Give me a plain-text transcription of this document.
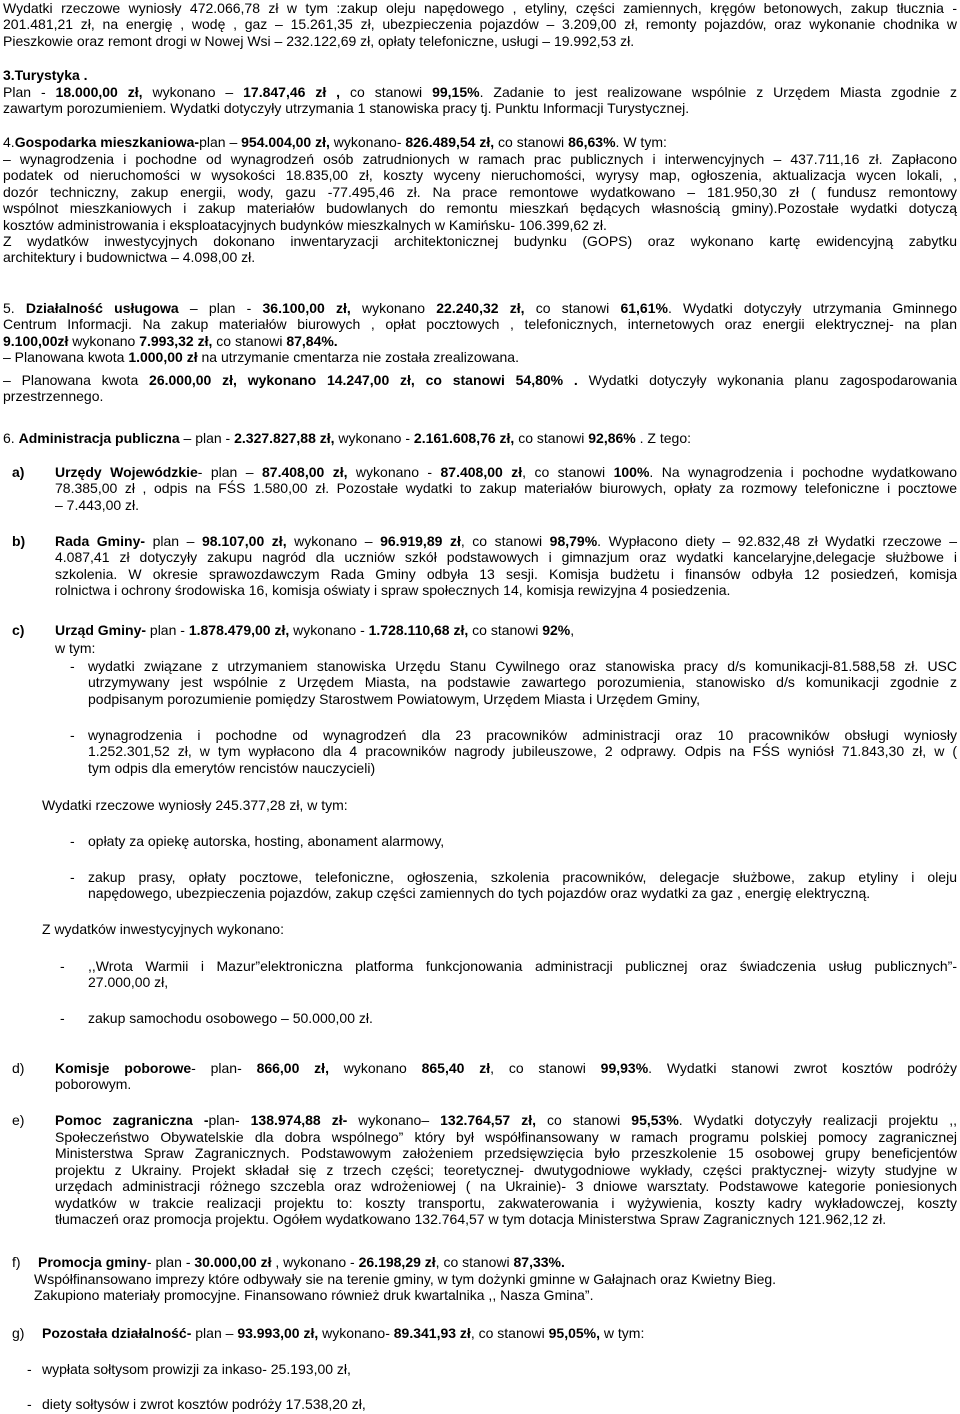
Wydatki rzeczowe wyniosły 472.066,78 zł w tym :zakup oleju napędowego , etyliny, części zamiennych, kręgów betonowych, zakup tłucznia -
201.481,21 zł, na energię , wodę , gaz – 15.261,35 zł, ubezpieczenia pojazdów – 3.209,00 zł, remonty pojazdów, oraz wykonanie chodnika w
Pieszkowie oraz remont drogi w Nowej Wsi – 232.122,69 zł, opłaty telefoniczne, usługi – 19.992,53 zł.
3.Turystyka .
Plan - 18.000,00 zł, wykonano – 17.847,46 zł , co stanowi 99,15%. Zadanie to jest realizowane wspólnie z Urzędem Miasta zgodnie z
zawartym porozumieniem. Wydatki dotyczyły utrzymania 1 stanowiska pracy tj. Punktu Informacji Turystycznej.
4.Gospodarka mieszkaniowa-plan – 954.004,00 zł, wykonano- 826.489,54 zł, co stanowi 86,63%. W tym:
– wynagrodzenia i pochodne od wynagrodzeń osób zatrudnionych w ramach prac publicznych i interwencyjnych – 437.711,16 zł. Zapłacono
podatek od nieruchomości w wysokości 18.835,00 zł, koszty wyceny nieruchomości, wyrysy map, ogłoszenia, aktualizacja wycen lokali, ,
dozór techniczny, zakup energii, wody, gazu -77.495,46 zł. Na prace remontowe wydatkowano – 181.950,30 zł ( fundusz remontowy
wspólnot mieszkaniowych i zakup materiałów budowlanych do remontu mieszkań będących własnością gminy).Pozostałe wydatki dotyczą
kosztów administrowania i eksploatacyjnych budynków mieszkalnych w Kamińsku- 106.399,62 zł.
Z wydatków inwestycyjnych dokonano inwentaryzacji architektonicznej budynku (GOPS) oraz wykonano kartę ewidencyjną zabytku
architektury i budownictwa – 4.098,00 zł.
5. Działalność usługowa – plan - 36.100,00 zł, wykonano 22.240,32 zł, co stanowi 61,61%. Wydatki dotyczyły utrzymania Gminnego
Centrum Informacji. Na zakup materiałów biurowych , opłat pocztowych , telefonicznych, internetowych oraz energii elektrycznej- na plan
9.100,00zł wykonano 7.993,32 zł, co stanowi 87,84%.
– Planowana kwota 1.000,00 zł na utrzymanie cmentarza nie została zrealizowana.
– Planowana kwota 26.000,00 zł, wykonano 14.247,00 zł, co stanowi 54,80% . Wydatki dotyczyły wykonania planu zagospodarowania
przestrzennego.
6. Administracja publiczna – plan - 2.327.827,88 zł, wykonano - 2.161.608,76 zł, co stanowi 92,86% . Z tego:
a) Urzędy Wojewódzkie- plan – 87.408,00 zł, wykonano - 87.408,00 zł, co stanowi 100%. Na wynagrodzenia i pochodne wydatkowano
78.385,00 zł , odpis na FŚS 1.580,00 zł. Pozostałe wydatki to zakup materiałów biurowych, opłaty za rozmowy telefoniczne i pocztowe
– 7.443,00 zł.
b) Rada Gminy- plan – 98.107,00 zł, wykonano – 96.919,89 zł, co stanowi 98,79%. Wypłacono diety – 92.832,48 zł Wydatki rzeczowe –
4.087,41 zł dotyczyły zakupu nagród dla uczniów szkół podstawowych i gimnazjum oraz wydatki kancelaryjne,delegacje służbowe i
szkolenia. W okresie sprawozdawczym Rada Gminy odbyła 13 sesji. Komisja budżetu i finansów odbyła 12 posiedzeń, komisja
rolnictwa i ochrony środowiska 16, komisja oświaty i spraw społecznych 14, komisja rewizyjna 4 posiedzenia.
c) Urząd Gminy- plan - 1.878.479,00 zł, wykonano - 1.728.110,68 zł, co stanowi 92%,
w tym:
- wydatki związane z utrzymaniem stanowiska Urzędu Stanu Cywilnego oraz stanowiska pracy d/s komunikacji-81.588,58 zł. USC
utrzymywany jest wspólnie z Urzędem Miasta, na podstawie zawartego porozumienia, stanowisko d/s komunikacji zgodnie z
podpisanym porozumienie pomiędzy Starostwem Powiatowym, Urzędem Miasta i Urzędem Gminy,
- wynagrodzenia i pochodne od wynagrodzeń dla 23 pracowników administracji oraz 10 pracowników obsługi wyniosły
1.252.301,52 zł, w tym wypłacono dla 4 pracowników nagrody jubileuszowe, 2 odprawy. Odpis na FŚS wyniósł 71.843,30 zł, w (
tym odpis dla emerytów rencistów nauczycieli)
Wydatki rzeczowe wyniosły 245.377,28 zł, w tym:
- opłaty za opiekę autorska, hosting, abonament alarmowy,
- zakup prasy, opłaty pocztowe, telefoniczne, ogłoszenia, szkolenia pracowników, delegacje służbowe, zakup etyliny i oleju
napędowego, ubezpieczenia pojazdów, zakup części zamiennych do tych pojazdów oraz wydatki za gaz , energię elektryczną.
Z wydatków inwestycyjnych wykonano:
- ,,Wrota Warmii i Mazur”elektroniczna platforma funkcjonowania administracji publicznej oraz świadczenia usług publicznych”-
27.000,00 zł,
- zakup samochodu osobowego – 50.000,00 zł.
d) Komisje poborowe- plan- 866,00 zł, wykonano 865,40 zł, co stanowi 99,93%. Wydatki stanowi zwrot kosztów podróży
poborowym.
e) Pomoc zagraniczna -plan- 138.974,88 zł- wykonano– 132.764,57 zł, co stanowi 95,53%. Wydatki dotyczyły realizacji projektu ,,
Społeczeństwo Obywatelskie dla dobra wspólnego” który był współfinansowany w ramach programu polskiej pomocy zagranicznej
Ministerstwa Spraw Zagranicznych. Podstawowym założeniem przedsięwzięcia było przeszkolenie 15 osobowej grupy beneficjentów
projektu z Ukrainy. Projekt składał się z trzech części; teoretycznej- dwutygodniowe wykłady, części praktycznej- wizyty studyjne w
urzędach administracji różnego szczebla oraz wdrożeniowej ( na Ukrainie)- 3 dniowe warsztaty. Podstawowe kategorie poniesionych
wydatków w trakcie realizacji projektu to: koszty transportu, zakwaterowania i wyżywienia, koszty kadry wykładowczej, koszty
tłumaczeń oraz promocja projektu. Ogółem wydatkowano 132.764,57 w tym dotacja Ministerstwa Spraw Zagranicznych 121.962,12 zł.
f) Promocja gminy- plan - 30.000,00 zł , wykonano - 26.198,29 zł, co stanowi 87,33%.
Współfinansowano imprezy które odbywały sie na terenie gminy, w tym dożynki gminne w Gałajnach oraz Kwietny Bieg.
Zakupiono materiały promocyjne. Finansowano również druk kwartalnika ,, Nasza Gmina”.
g) Pozostała działalność- plan – 93.993,00 zł, wykonano- 89.341,93 zł, co stanowi 95,05%, w tym:
- wypłata sołtysom prowizji za inkaso- 25.193,00 zł,
- diety sołtysów i zwrot kosztów podróży 17.538,20 zł,
